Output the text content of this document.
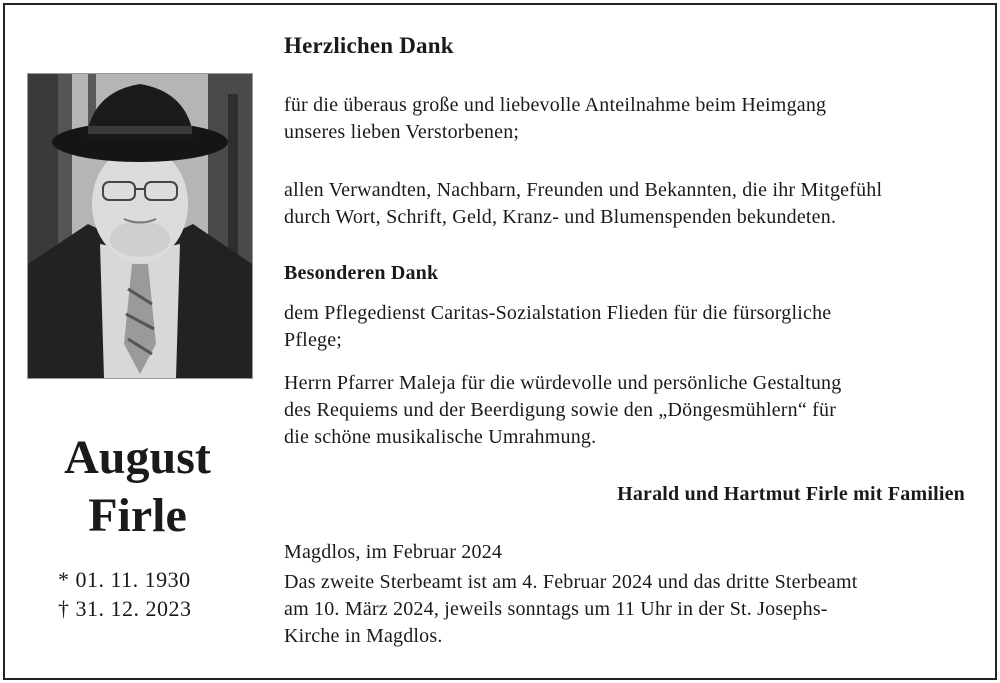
August
Firle
* 01. 11. 1930
† 31. 12. 2023
Herzlichen Dank
für die überaus große und liebevolle Anteilnahme beim Heimgang
unseres lieben Verstorbenen;
allen Verwandten, Nachbarn, Freunden und Bekannten, die ihr Mitgefühl
durch Wort, Schrift, Geld, Kranz- und Blumenspenden bekundeten.
Besonderen Dank
dem Pflegedienst Caritas-Sozialstation Flieden für die fürsorgliche
Pflege;
Herrn Pfarrer Maleja für die würdevolle und persönliche Gestaltung
des Requiems und der Beerdigung sowie den „Döngesmühlern“ für
die schöne musikalische Umrahmung.
Harald und Hartmut Firle mit Familien
Magdlos, im Februar 2024
Das zweite Sterbeamt ist am 4. Februar 2024 und das dritte Sterbeamt
am 10. März 2024, jeweils sonntags um 11 Uhr in der St. Josephs-
Kirche in Magdlos.
